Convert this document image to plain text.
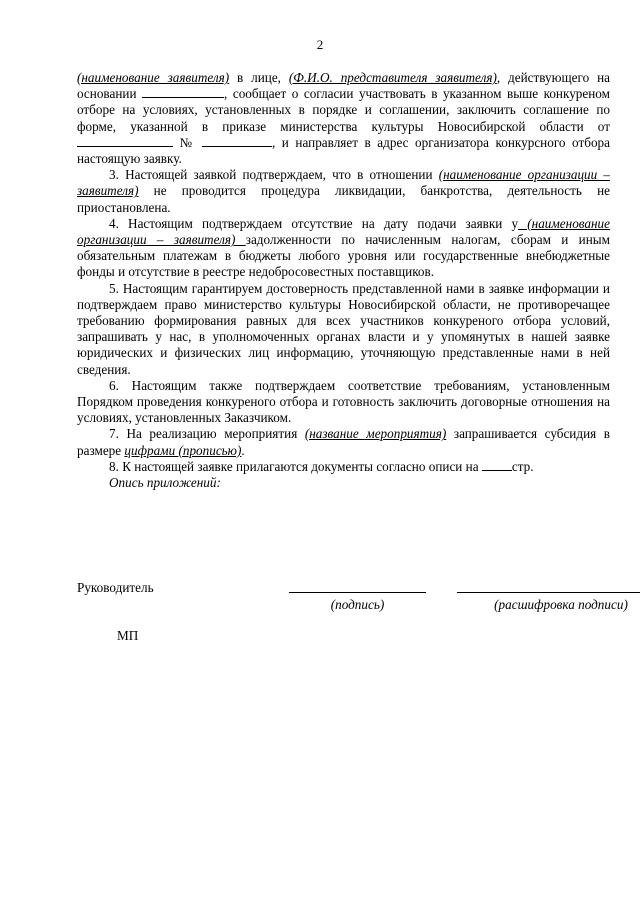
2

(наименование заявителя) в лице, (Ф.И.О. представителя заявителя), действующего на основании	, сообщает о согласии участвовать в указанном выше конкуреном отборе на условиях, установленных в порядке и соглашении, заключить соглашение по форме, указанной в приказе министерства культуры Новосибирской области от №	, и направляет в адрес организатора конкурсного отбора настоящую заявку.

3. Настоящей заявкой подтверждаем, что в отношении (наименование организации – заявителя) не проводится процедура ликвидации, банкротства, деятельность не приостановлена.

4. Настоящим подтверждаем отсутствие на дату подачи заявки у (наименование организации – заявителя) задолженности по начисленным налогам, сборам и иным обязательным платежам в бюджеты любого уровня или государственные внебюджетные фонды и отсутствие в реестре недобросовестных поставщиков.

5. Настоящим гарантируем достоверность представленной нами в заявке информации и подтверждаем право министерство культуры Новосибирской области, не противоречащее требованию формирования равных для всех участников конкуреного отбора условий, запрашивать у нас, в уполномоченных органах власти и у упомянутых в нашей заявке юридических и физических лиц информацию, уточняющую представленные нами в ней сведения.

6. Настоящим также подтверждаем соответствие требованиям, установленным Порядком проведения конкуреного отбора и готовность заключить договорные отношения на условиях, установленных Заказчиком.

7. На реализацию мероприятия (название мероприятия) запрашивается субсидия в размере цифрами (прописью).

8. К настоящей заявке прилагаются документы согласно описи на стр.

Опись приложений:

Руководитель
(подпись)	(расшифровка подписи)
МП
